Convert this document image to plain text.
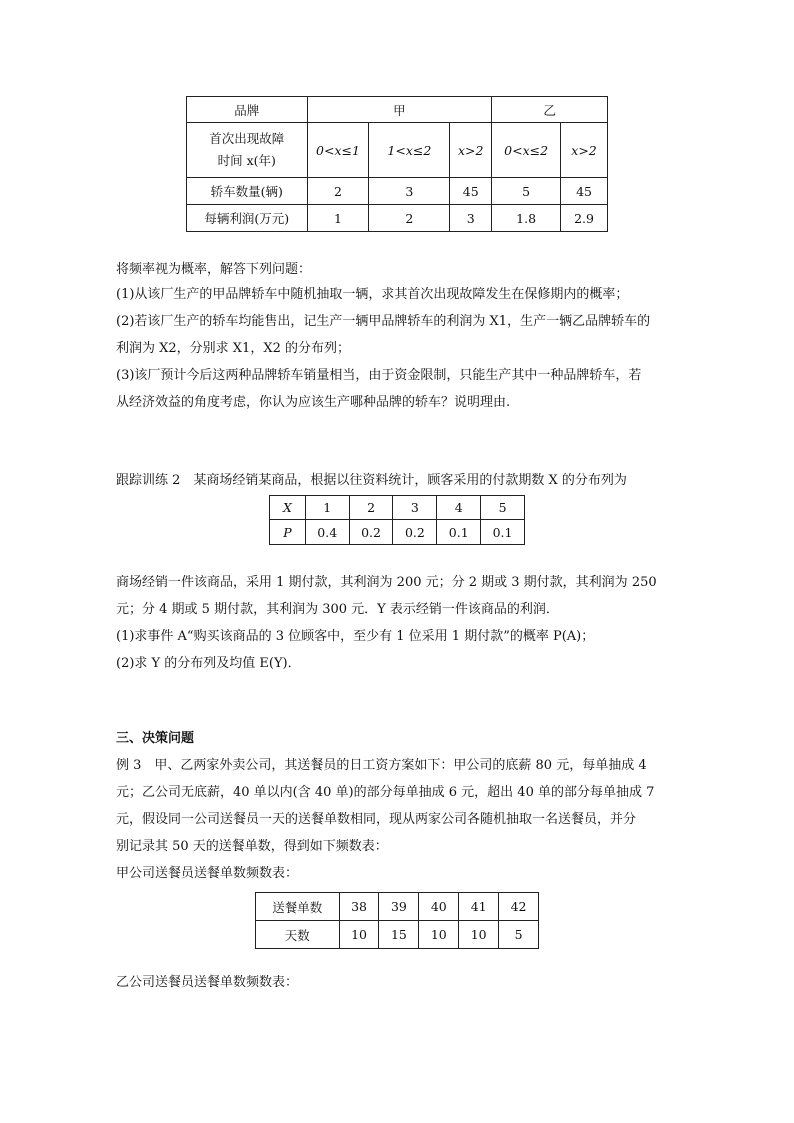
品牌	甲			乙	

首次出现故障
时间 x(年)	0<x≤1	1<x≤2	x>2	0<x≤2	x>2
轿车数量(辆)	2	3	45	5	45
每辆利润(万元)	1	2	3	1.8	2.9

将频率视为概率，解答下列问题：

(1)从该厂生产的甲品牌轿车中随机抽取一辆，求其首次出现故障发生在保修期内的概率；

(2)若该厂生产的轿车均能售出，记生产一辆甲品牌轿车的利润为 X1，生产一辆乙品牌轿车的

利润为 X2，分别求 X1，X2 的分布列；

(3)该厂预计今后这两种品牌轿车销量相当，由于资金限制，只能生产其中一种品牌轿车，若

从经济效益的角度考虑，你认为应该生产哪种品牌的轿车？说明理由.

跟踪训练 2　某商场经销某商品，根据以往资料统计，顾客采用的付款期数 X 的分布列为

X	1	2	3	4	5
P	0.4	0.2	0.2	0.1	0.1

商场经销一件该商品，采用 1 期付款，其利润为 200 元；分 2 期或 3 期付款，其利润为 250

元；分 4 期或 5 期付款，其利润为 300 元．Y 表示经销一件该商品的利润．

(1)求事件 A“购买该商品的 3 位顾客中，至少有 1 位采用 1 期付款”的概率 P(A)；

(2)求 Y 的分布列及均值 E(Y)．

三、决策问题

例 3　甲、乙两家外卖公司，其送餐员的日工资方案如下：甲公司的底薪 80 元，每单抽成 4

元；乙公司无底薪，40 单以内(含 40 单)的部分每单抽成 6 元，超出 40 单的部分每单抽成 7

元，假设同一公司送餐员一天的送餐单数相同，现从两家公司各随机抽取一名送餐员，并分

别记录其 50 天的送餐单数，得到如下频数表：

甲公司送餐员送餐单数频数表：

送餐单数	38	39	40	41	42
天数	10	15	10	10	5

乙公司送餐员送餐单数频数表：
